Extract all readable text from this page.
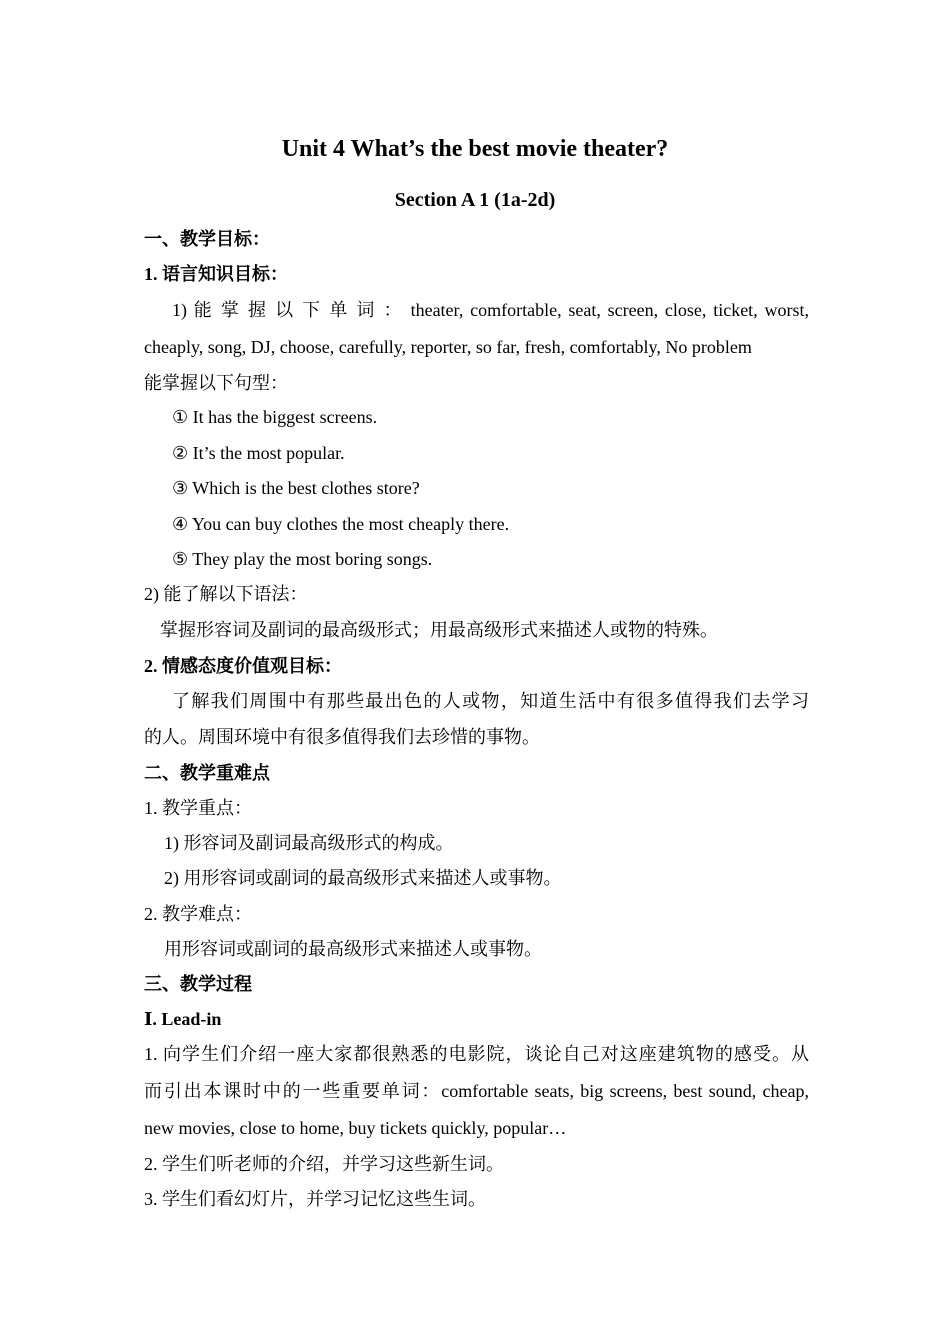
Unit 4 What’s the best movie theater?
Section A 1 (1a-2d)
一、教学目标：
1. 语言知识目标：
1) 能 掌 握 以 下 单 词 ： theater, comfortable, seat, screen, close, ticket, worst,
cheaply, song, DJ, choose, carefully, reporter, so far, fresh, comfortably, No problem
能掌握以下句型：
① It has the biggest screens.
② It’s the most popular.
③ Which is the best clothes store?
④ You can buy clothes the most cheaply there.
⑤ They play the most boring songs.
2) 能了解以下语法：
掌握形容词及副词的最高级形式；用最高级形式来描述人或物的特殊。
2. 情感态度价值观目标：
了解我们周围中有那些最出色的人或物，知道生活中有很多值得我们去学习
的人。周围环境中有很多值得我们去珍惜的事物。
二、教学重难点
1. 教学重点：
1) 形容词及副词最高级形式的构成。
2) 用形容词或副词的最高级形式来描述人或事物。
2. 教学难点：
用形容词或副词的最高级形式来描述人或事物。
三、教学过程
Ⅰ. Lead-in
1. 向学生们介绍一座大家都很熟悉的电影院，谈论自己对这座建筑物的感受。从
而引出本课时中的一些重要单词：comfortable seats, big screens, best sound, cheap,
new movies, close to home, buy tickets quickly, popular…
2. 学生们听老师的介绍，并学习这些新生词。
3. 学生们看幻灯片，并学习记忆这些生词。
